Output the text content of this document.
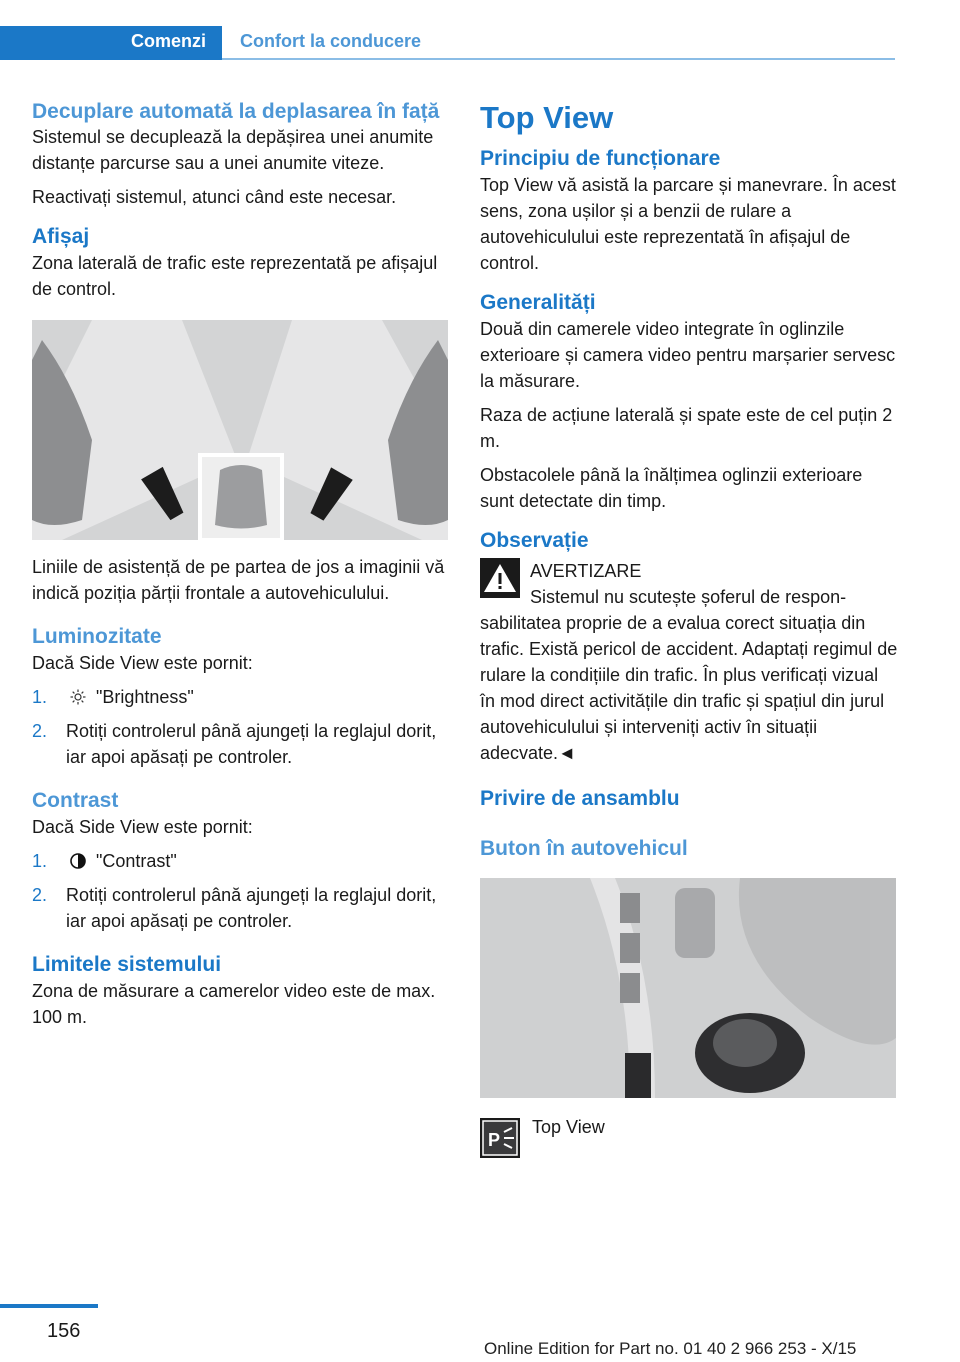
Comenzi Confort la conducere
Decuplare automată la deplasarea în față

Sistemul se decuplează la depășirea unei anumite distanțe parcurse sau a unei anumite viteze.

Reactivați sistemul, atunci când este necesar.

Afișaj

Zona laterală de trafic este reprezentată pe afișajul de control.

Liniile de asistență de pe partea de jos a imaginii vă indică poziția părții frontale a autovehiculului.

Luminozitate

Dacă Side View este pornit:

1.	"Brightness"
2. Rotiți controlerul până ajungeți la reglajul dorit, iar apoi apăsați pe controler.
Contrast

Dacă Side View este pornit:

1.	"Contrast"
2. Rotiți controlerul până ajungeți la reglajul dorit, iar apoi apăsați pe controler.
Limitele sistemului

Zona de măsurare a camerelor video este de max. 100 m.

Top View
Principiu de funcționare

Top View vă asistă la parcare și manevrare. În acest sens, zona ușilor și a benzii de rulare a autovehiculului este reprezentată în afișajul de control.

Generalități

Două din camerele video integrate în oglinzile exterioare și camera video pentru marșarier servesc la măsurare.

Raza de acțiune laterală și spate este de cel puțin 2 m.

Obstacolele până la înălțimea oglinzii exterioare sunt detectate din timp.

Observație

AVERTIZARE

Sistemul nu scutește șoferul de responsabilitatea proprie de a evalua corect situația din trafic. Există pericol de accident. Adaptați regimul de rulare la condițiile din trafic. În plus verificați vizual în mod direct activitățile din trafic și spațiul din jurul autovehiculului și interveniți activ în situații adecvate.◄

Privire de ansamblu
Buton în autovehicul
P

Top View

156
Online Edition for Part no. 01 40 2 966 253 - X/15
